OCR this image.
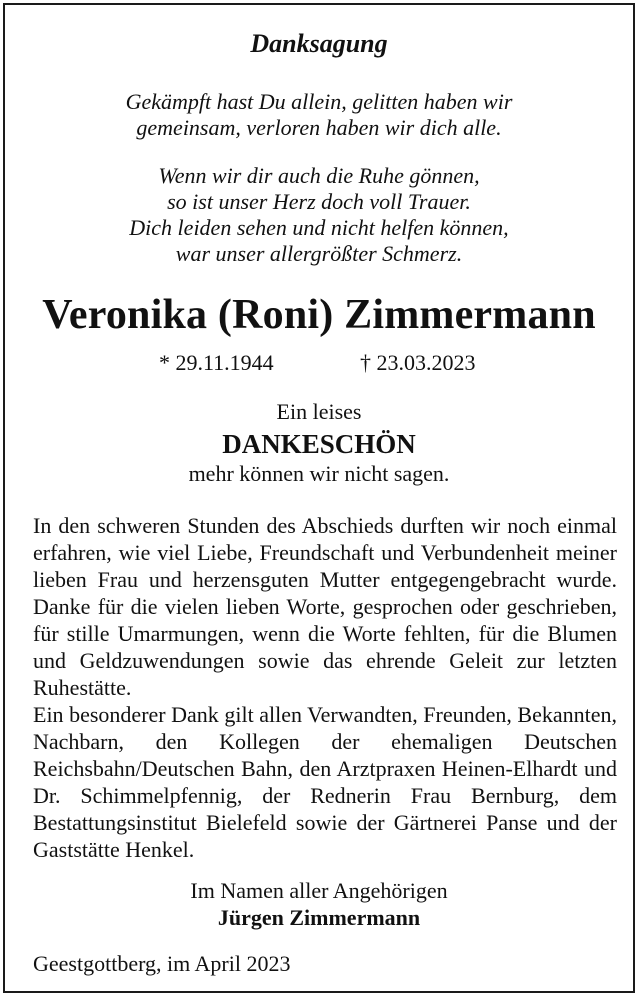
Danksagung

Gekämpft hast Du allein, gelitten haben wir

gemeinsam, verloren haben wir dich alle.

Wenn wir dir auch die Ruhe gönnen,

so ist unser Herz doch voll Trauer.

Dich leiden sehen und nicht helfen können,

war unser allergrößter Schmerz.

Veronika (Roni) Zimmermann
* 29.11.1944	† 23.03.2023
Ein leises
DANKESCHÖN
mehr können wir nicht sagen.

In den schweren Stunden des Abschieds durften wir noch einmal erfahren, wie viel Liebe, Freundschaft und Verbundenheit meiner lieben Frau und herzensguten Mutter entgegengebracht wurde. Danke für die vielen lieben Worte, gesprochen oder geschrieben, für stille Umarmungen, wenn die Worte fehlten, für die Blumen und Geldzuwendungen sowie das ehrende Geleit zur letzten Ruhestätte.

Ein besonderer Dank gilt allen Verwandten, Freunden, Bekannten, Nachbarn, den Kollegen der ehemaligen Deutschen Reichsbahn/Deutschen Bahn, den Arztpraxen Heinen-Elhardt und Dr. Schimmelpfennig, der Rednerin Frau Bernburg, dem Bestattungsinstitut Bielefeld sowie der Gärtnerei Panse und der Gaststätte Henkel.

Im Namen aller Angehörigen
Jürgen Zimmermann
Geestgottberg, im April 2023
